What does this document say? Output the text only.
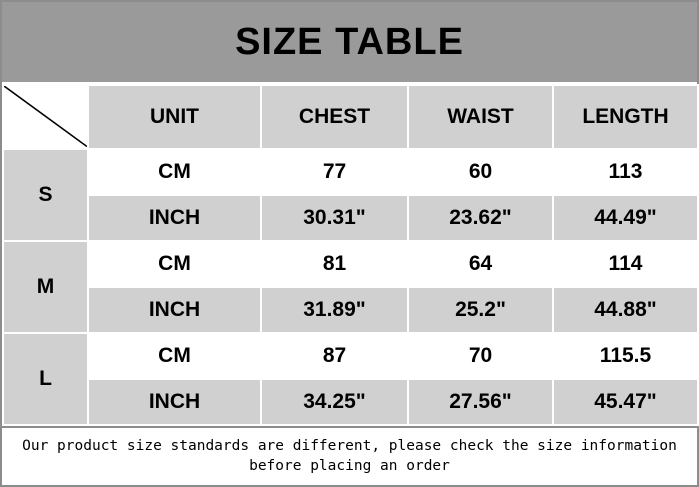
SIZE TABLE
	UNIT	CHEST	WAIST	LENGTH
S	CM	77	60	113
	INCH	30.31"	23.62"	44.49"
M	CM	81	64	114
	INCH	31.89"	25.2"	44.88"
L	CM	87	70	115.5
	INCH	34.25"	27.56"	45.47"
Our product size standards are different, please check the size information
before placing an order
